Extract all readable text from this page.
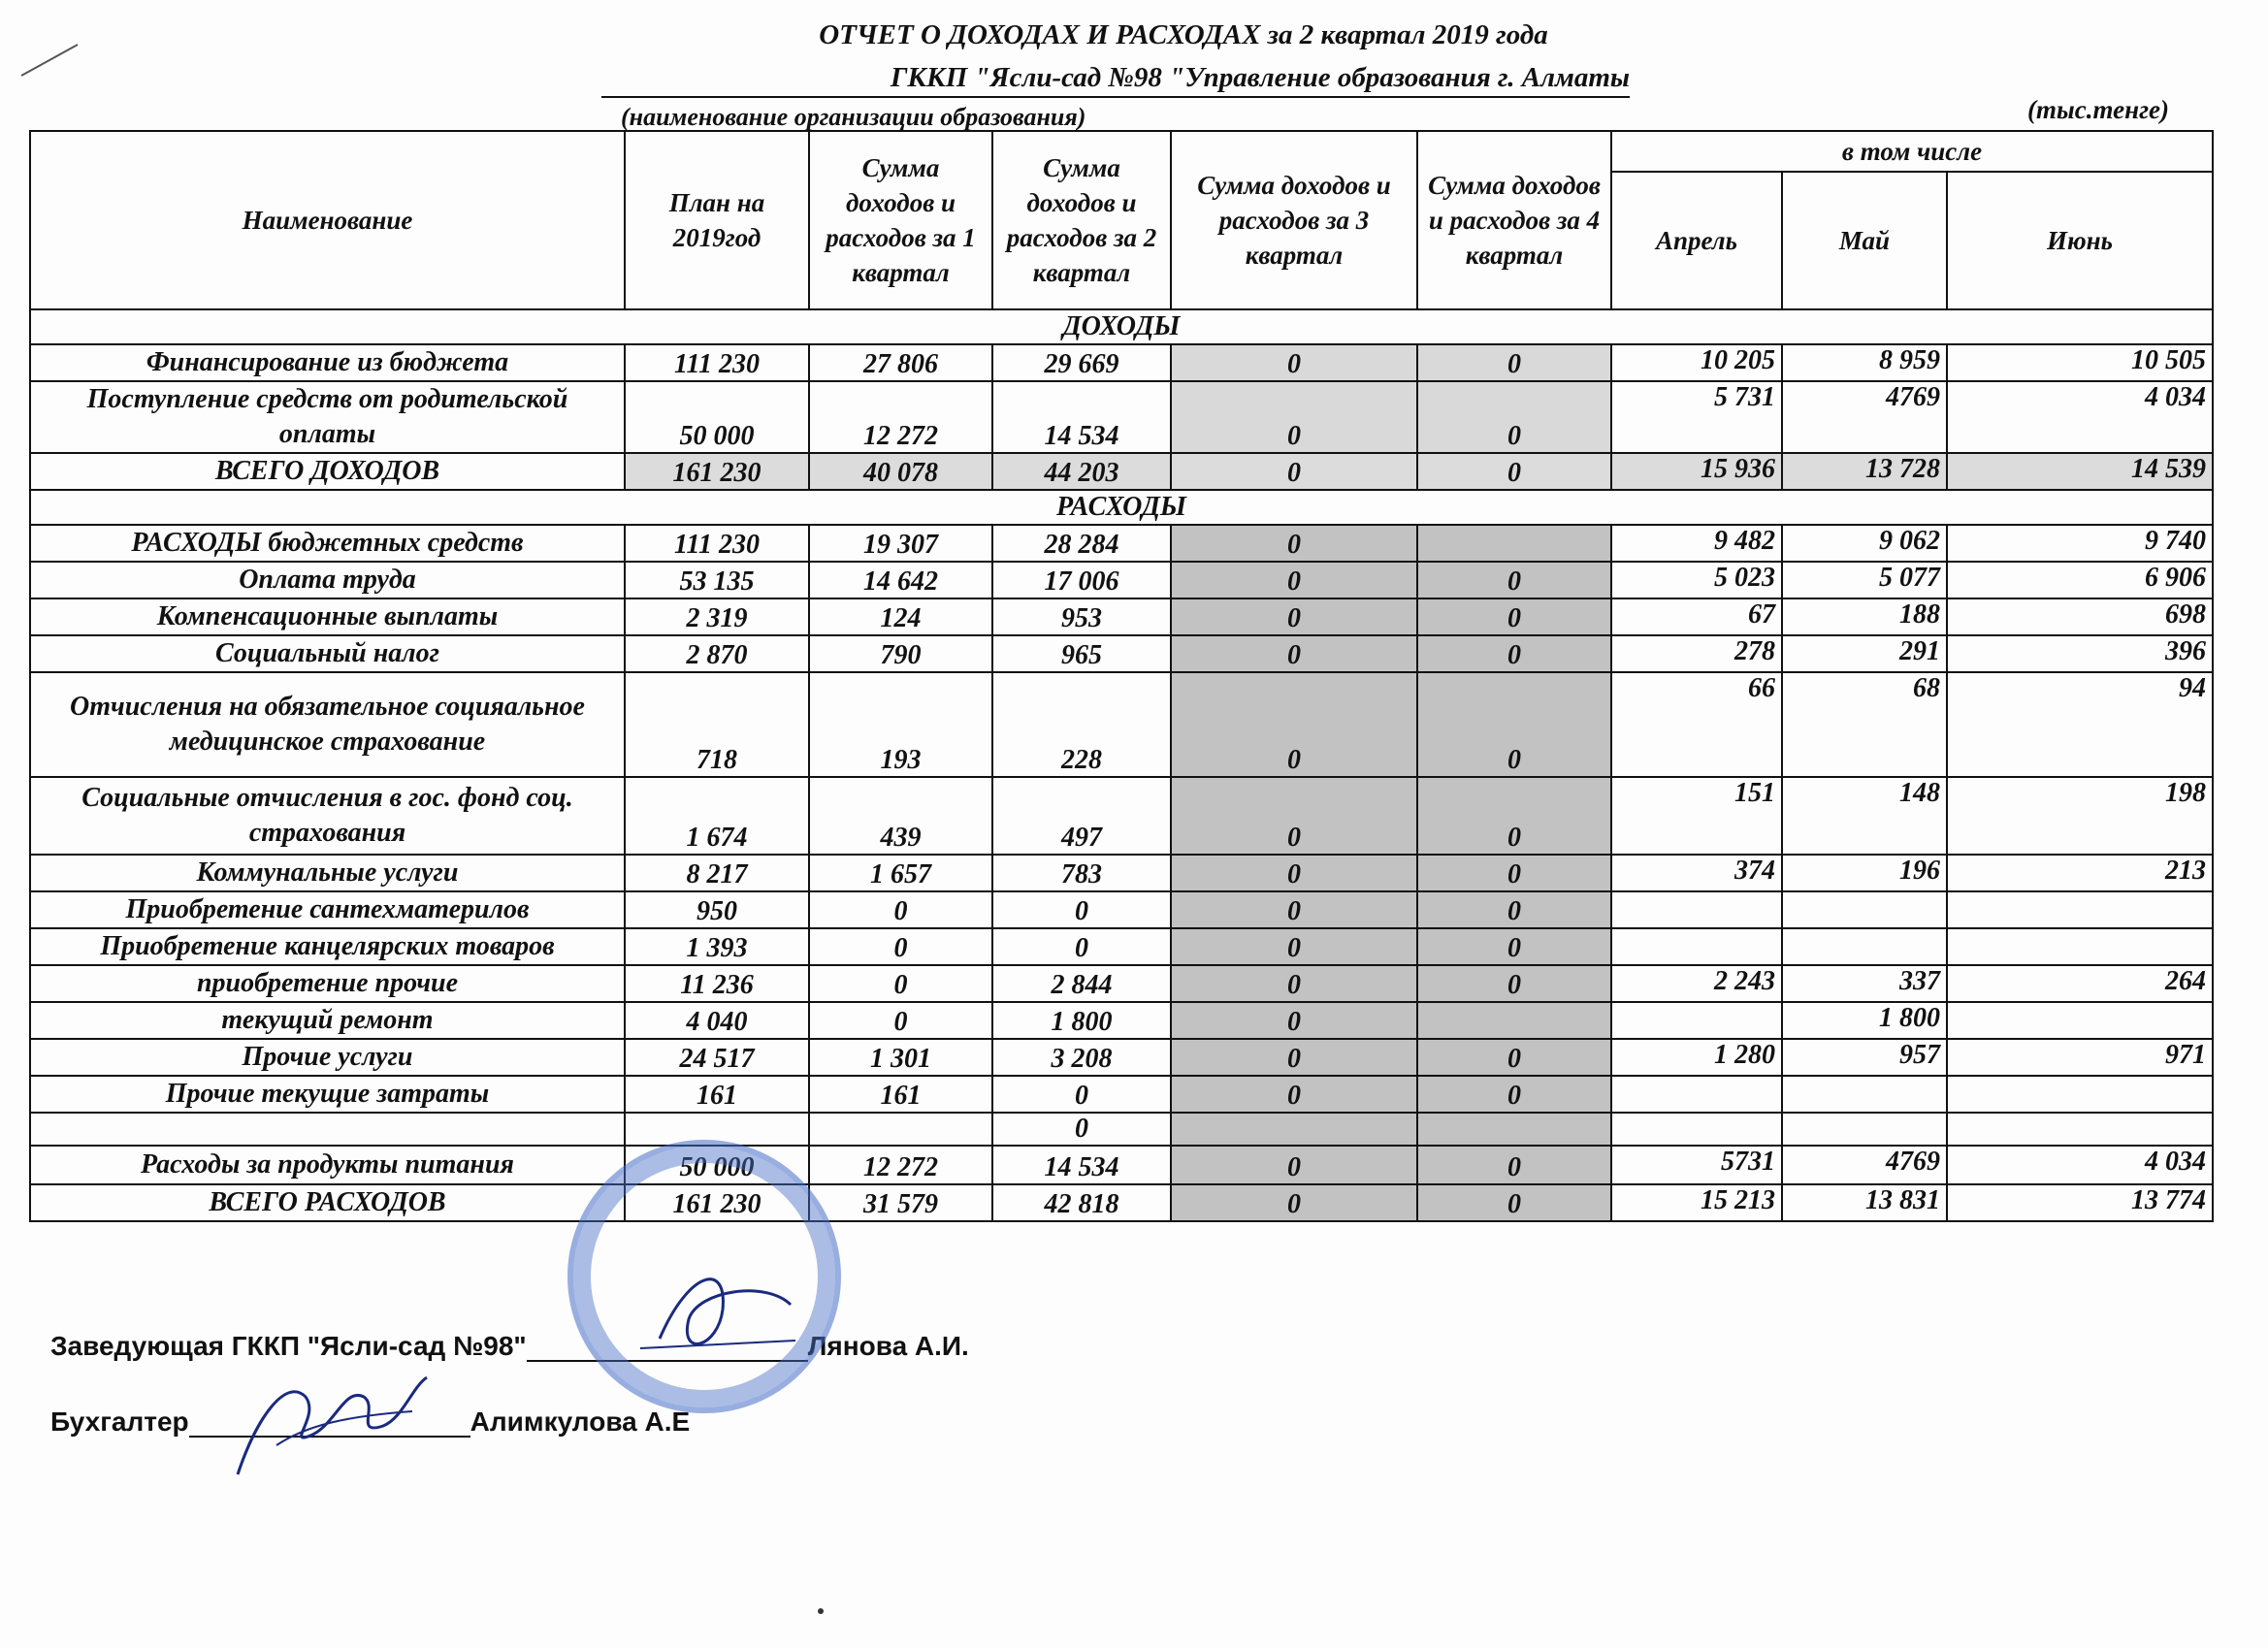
ОТЧЕТ О ДОХОДАХ И РАСХОДАХ за 2 квартал 2019 года
ГККП "Ясли-сад №98 "Управление образования г. Алматы
(наименование организации образования)	(тыс.тенге)
Наименование	План на 2019год	Сумма доходов и расходов за 1 квартал	Сумма доходов и расходов за 2 квартал	Сумма доходов и расходов за 3 квартал	Сумма доходов и расходов за 4 квартал	в том числе		
						Апрель	Май	Июнь
ДОХОДЫ								
Финансирование из бюджета	111 230	27 806	29 669	0	0	10 205	8 959	10 505
Поступление средств от родительской оплаты	50 000	12 272	14 534	0	0	5 731	4769	4 034
ВСЕГО ДОХОДОВ	161 230	40 078	44 203	0	0	15 936	13 728	14 539
РАСХОДЫ								
РАСХОДЫ бюджетных средств	111 230	19 307	28 284	0		9 482	9 062	9 740
Оплата труда	53 135	14 642	17 006	0	0	5 023	5 077	6 906
Компенсационные выплаты	2 319	124	953	0	0	67	188	698
Социальный налог	2 870	790	965	0	0	278	291	396
Отчисления на обязательное социяальное медицинское страхование	718	193	228	0	0	66	68	94
Социальные отчисления в гос. фонд соц. страхования	1 674	439	497	0	0	151	148	198
Коммунальные услуги	8 217	1 657	783	0	0	374	196	213
Приобретение сантехматерилов	950	0	0	0	0			
Приобретение канцелярских товаров	1 393	0	0	0	0			
приобретение прочие	11 236	0	2 844	0	0	2 243	337	264
текущий ремонт	4 040	0	1 800	0			1 800	
Прочие услуги	24 517	1 301	3 208	0	0	1 280	957	971
Прочие текущие затраты	161	161	0	0	0			
			0					
Расходы за продукты питания	50 000	12 272	14 534	0	0	5731	4769	4 034
ВСЕГО РАСХОДОВ	161 230	31 579	42 818	0	0	15 213	13 831	13 774
Заведующая ГККП "Ясли-сад №98"	Лянова А.И.
Бухгалтер	Алимкулова А.Е
